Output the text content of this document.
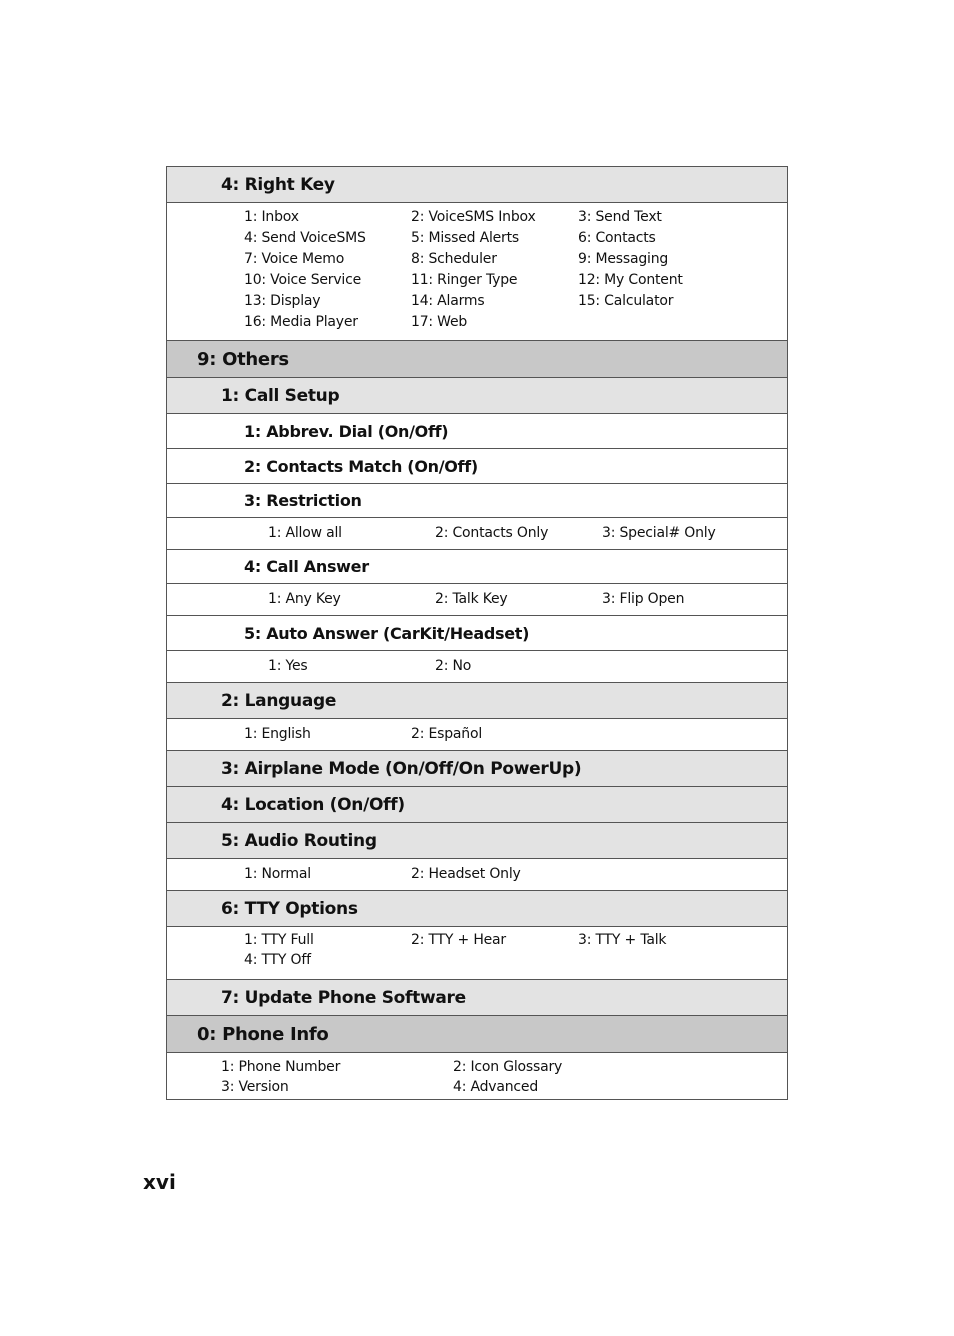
4: Right Key
1: Inbox	2: VoiceSMS Inbox	3: Send Text
4: Send VoiceSMS	5: Missed Alerts	6: Contacts
7: Voice Memo	8: Scheduler	9: Messaging
10: Voice Service	11: Ringer Type	12: My Content
13: Display	14: Alarms	15: Calculator
16: Media Player	17: Web
9: Others
1: Call Setup
1: Abbrev. Dial (On/Off)
2: Contacts Match (On/Off)
3: Restriction
1: Allow all	2: Contacts Only	3: Special# Only
4: Call Answer
1: Any Key	2: Talk Key	3: Flip Open
5: Auto Answer (CarKit/Headset)
1: Yes	2: No
2: Language
1: English	2: Español
3: Airplane Mode (On/Off/On PowerUp)
4: Location (On/Off)
5: Audio Routing
1: Normal	2: Headset Only
6: TTY Options
1: TTY Full	2: TTY + Hear	3: TTY + Talk
4: TTY Off
7: Update Phone Software
0: Phone Info
1: Phone Number	2: Icon Glossary
3: Version	4: Advanced
xvi
